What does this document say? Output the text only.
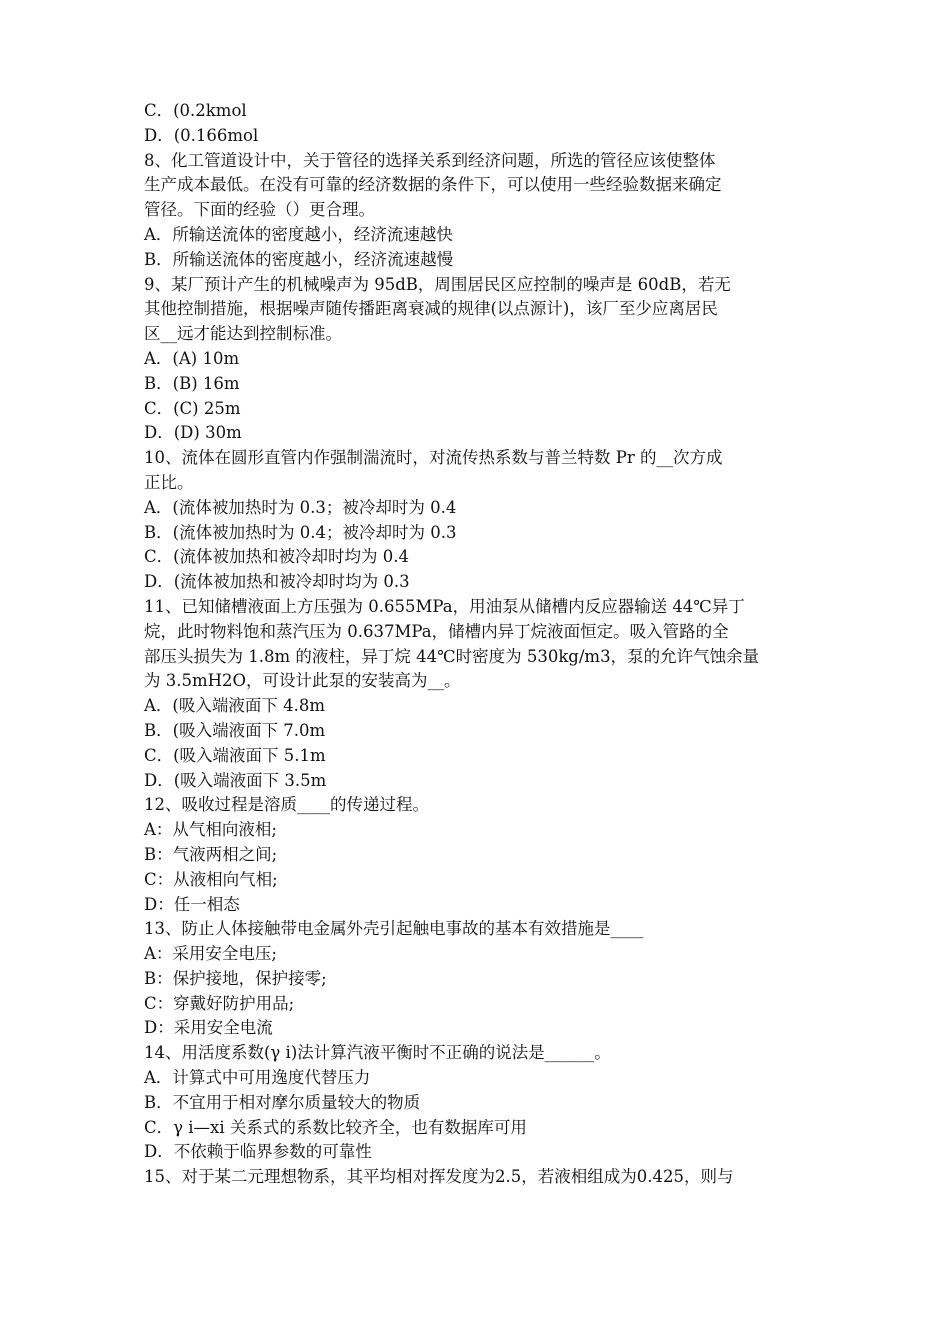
C．(0.2kmol
D．(0.166mol
8、化工管道设计中，关于管径的选择关系到经济问题，所选的管径应该使整体
生产成本最低。在没有可靠的经济数据的条件下，可以使用一些经验数据来确定
管径。下面的经验（）更合理。
A．所输送流体的密度越小，经济流速越快
B．所输送流体的密度越小，经济流速越慢
9、某厂预计产生的机械噪声为 95dB，周围居民区应控制的噪声是 60dB，若无
其他控制措施，根据噪声随传播距离衰减的规律(以点源计)，该厂至少应离居民
区__远才能达到控制标准。
A．(A) 10m
B．(B) 16m
C．(C) 25m
D．(D) 30m
10、流体在圆形直管内作强制湍流时，对流传热系数与普兰特数 Pr 的__次方成
正比。
A．(流体被加热时为 0.3；被冷却时为 0.4
B．(流体被加热时为 0.4；被冷却时为 0.3
C．(流体被加热和被冷却时均为 0.4
D．(流体被加热和被冷却时均为 0.3
11、已知储槽液面上方压强为 0.655MPa，用油泵从储槽内反应器输送 44℃异丁
烷，此时物料饱和蒸汽压为 0.637MPa，储槽内异丁烷液面恒定。吸入管路的全
部压头损失为 1.8m 的液柱，异丁烷 44℃时密度为 530kg/m3，泵的允许气蚀余量
为 3.5mH2O，可设计此泵的安装高为__。
A．(吸入端液面下 4.8m
B．(吸入端液面下 7.0m
C．(吸入端液面下 5.1m
D．(吸入端液面下 3.5m
12、吸收过程是溶质____的传递过程。
A：从气相向液相;
B：气液两相之间;
C：从液相向气相;
D：任一相态
13、防止人体接触带电金属外壳引起触电事故的基本有效措施是____
A：采用安全电压;
B：保护接地，保护接零;
C：穿戴好防护用品;
D：采用安全电流
14、用活度系数(γ i)法计算汽液平衡时不正确的说法是______。
A．计算式中可用逸度代替压力
B．不宜用于相对摩尔质量较大的物质
C．γ i—xi 关系式的系数比较齐全，也有数据库可用
D．不依赖于临界参数的可靠性
15、对于某二元理想物系，其平均相对挥发度为2.5，若液相组成为0.425，则与
